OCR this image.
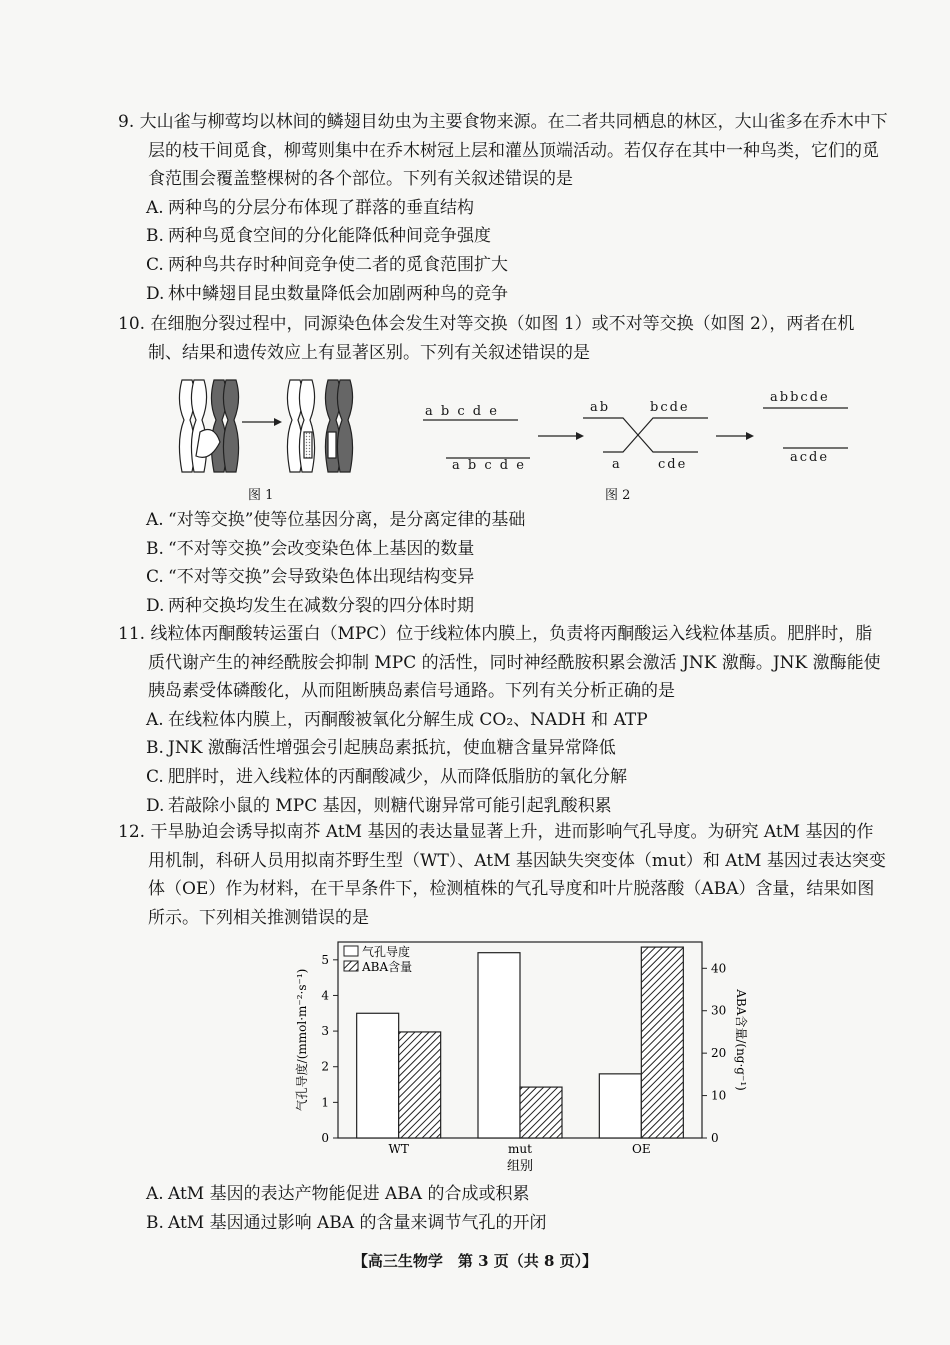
9. 大山雀与柳莺均以林间的鳞翅目幼虫为主要食物来源。在二者共同栖息的林区，大山雀多在乔木中下层的枝干间觅食，柳莺则集中在乔木树冠上层和灌丛顶端活动。若仅存在其中一种鸟类，它们的觅食范围会覆盖整棵树的各个部位。下列有关叙述错误的是

A. 两种鸟的分层分布体现了群落的垂直结构

B. 两种鸟觅食空间的分化能降低种间竞争强度

C. 两种鸟共存时种间竞争使二者的觅食范围扩大

D. 林中鳞翅目昆虫数量降低会加剧两种鸟的竞争

10. 在细胞分裂过程中，同源染色体会发生对等交换（如图 1）或不对等交换（如图 2），两者在机制、结果和遗传效应上有显著区别。下列有关叙述错误的是

图 1
a b c d e
a b c d e
ab	bcde
a	cde
abbcde
acde
图 2

A. “对等交换”使等位基因分离，是分离定律的基础

B. “不对等交换”会改变染色体上基因的数量

C. “不对等交换”会导致染色体出现结构变异

D. 两种交换均发生在减数分裂的四分体时期

11. 线粒体丙酮酸转运蛋白（MPC）位于线粒体内膜上，负责将丙酮酸运入线粒体基质。肥胖时，脂质代谢产生的神经酰胺会抑制 MPC 的活性，同时神经酰胺积累会激活 JNK 激酶。JNK 激酶能使胰岛素受体磷酸化，从而阻断胰岛素信号通路。下列有关分析正确的是

A. 在线粒体内膜上，丙酮酸被氧化分解生成 CO₂、NADH 和 ATP

B. JNK 激酶活性增强会引起胰岛素抵抗，使血糖含量异常降低

C. 肥胖时，进入线粒体的丙酮酸减少，从而降低脂肪的氧化分解

D. 若敲除小鼠的 MPC 基因，则糖代谢异常可能引起乳酸积累

12. 干旱胁迫会诱导拟南芥 AtM 基因的表达量显著上升，进而影响气孔导度。为研究 AtM 基因的作用机制，科研人员用拟南芥野生型（WT）、AtM 基因缺失突变体（mut）和 AtM 基因过表达突变体（OE）作为材料，在干旱条件下，检测植株的气孔导度和叶片脱落酸（ABA）含量，结果如图所示。下列相关推测错误的是

0
1
2
3
4
5
0
10
20
30
40
WT	mut	OE
组别
气孔导度/(mmol·m⁻²·s⁻¹)	ABA含量/(ng·g⁻¹)
气孔导度
ABA含量

A. AtM 基因的表达产物能促进 ABA 的合成或积累

B. AtM 基因通过影响 ABA 的含量来调节气孔的开闭

【高三生物学　第 3 页（共 8 页）】
